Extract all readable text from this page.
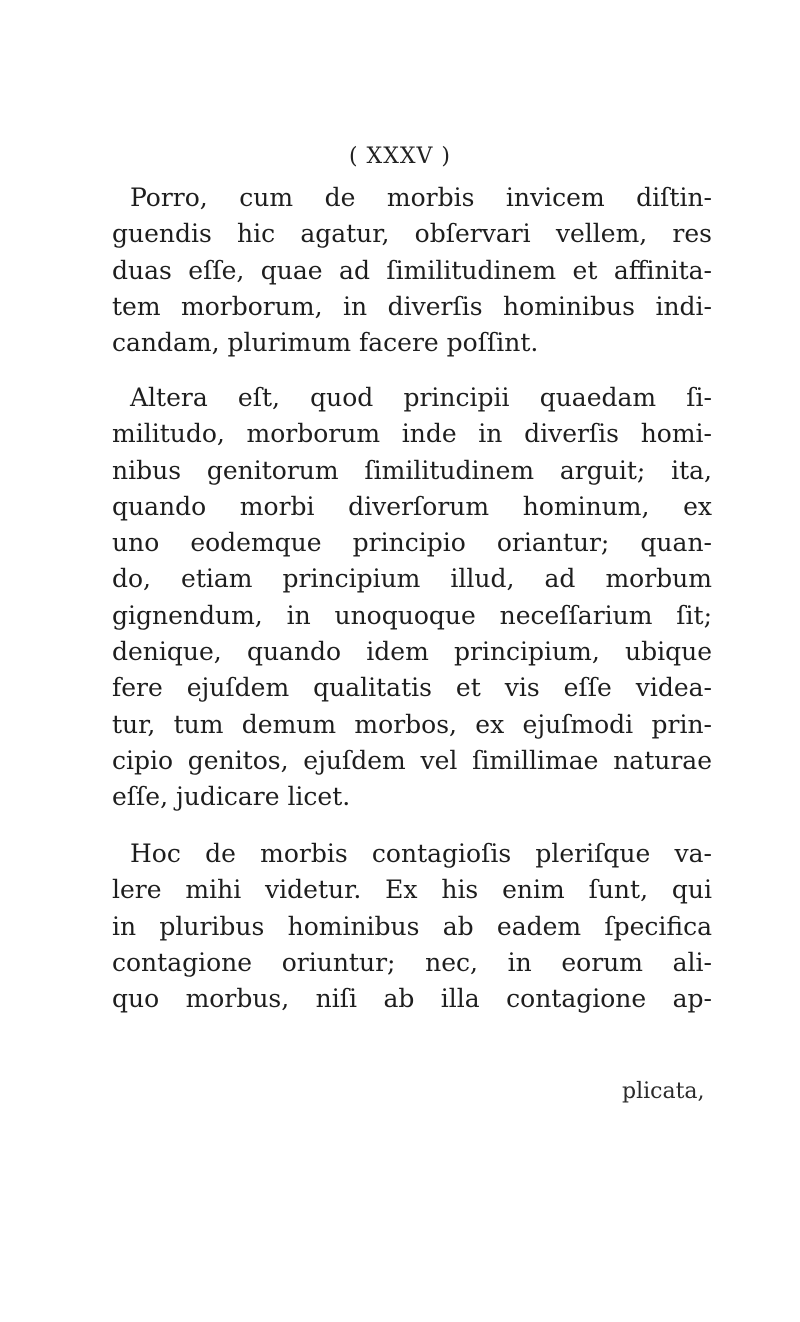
( XXXV )
Porro, cum de morbis invicem diſtin-
guendis hic agatur, obſervari vellem, res
duas eſſe, quae ad ſimilitudinem et affinita-
tem morborum, in diverſis hominibus indi-
candam, plurimum facere poſſint.
Altera eſt, quod principii quaedam ſi-
militudo, morborum inde in diverſis homi-
nibus genitorum ſimilitudinem arguit; ita,
quando morbi diverſorum hominum, ex
uno eodemque principio oriantur; quan-
do, etiam principium illud, ad morbum
gignendum, in unoquoque neceſſarium ſit;
denique, quando idem principium, ubique
fere ejuſdem qualitatis et vis eſſe videa-
tur, tum demum morbos, ex ejuſmodi prin-
cipio genitos, ejuſdem vel ſimillimae naturae
eſſe, judicare licet.
Hoc de morbis contagioſis pleriſque va-
lere mihi videtur. Ex his enim ſunt, qui
in pluribus hominibus ab eadem ſpecifica
contagione oriuntur; nec, in eorum ali-
quo morbus, niſi ab illa contagione ap-
plicata,
